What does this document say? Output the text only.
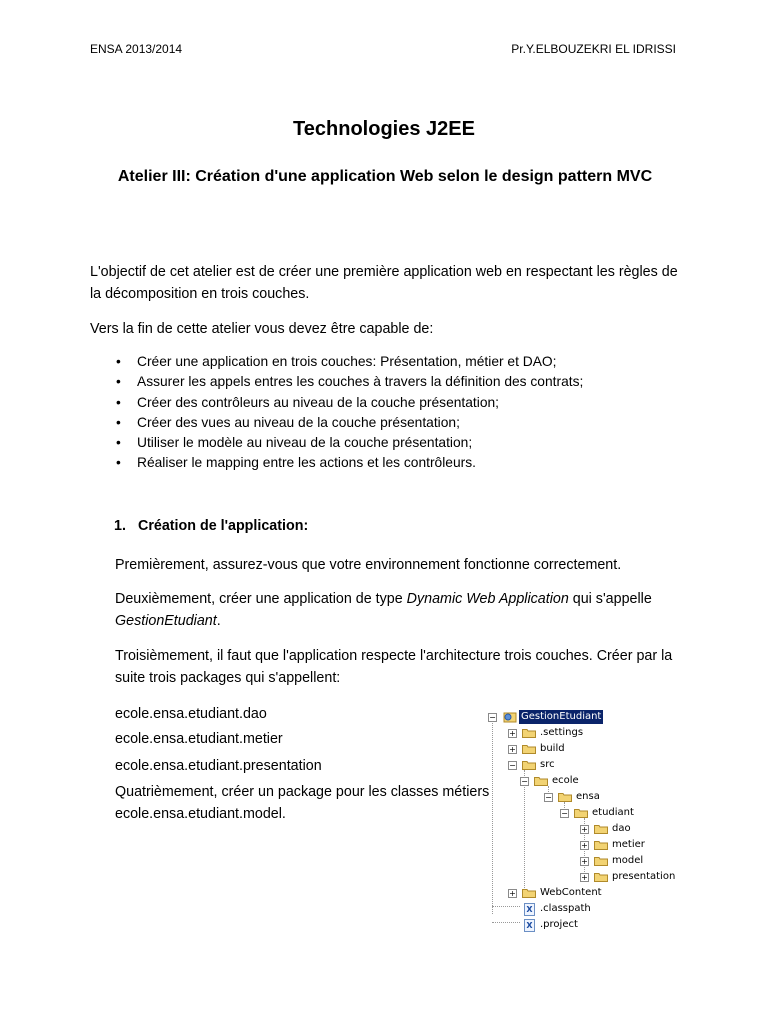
ENSA 2013/2014	Pr.Y.ELBOUZEKRI EL IDRISSI
Technologies J2EE
Atelier III: Création d'une application Web selon le design pattern MVC
L'objectif de cet atelier est de créer une première application web en respectant les règles de la décomposition en trois couches.
Vers la fin de cette atelier vous devez être capable de:
• Créer une application en trois couches: Présentation, métier et DAO;
• Assurer les appels entres les couches à travers la définition des contrats;
• Créer des contrôleurs au niveau de la couche présentation;
• Créer des vues au niveau de la couche présentation;
• Utiliser le modèle au niveau de la couche présentation;
• Réaliser le mapping entre les actions et les contrôleurs.
1. Création de l'application:
Premièrement, assurez-vous que votre environnement fonctionne correctement.
Deuxièmement, créer une application de type Dynamic Web Application qui s'appelle GestionEtudiant.
Troisièmement, il faut que l'application respecte l'architecture trois couches. Créer par la suite trois packages qui s'appellent:
ecole.ensa.etudiant.dao
ecole.ensa.etudiant.metier
ecole.ensa.etudiant.presentation
Quatrièmement, créer un package pour les classes métiers ecole.ensa.etudiant.model.
−	GestionEtudiant
+ .settings
+ build
− src
− ecole
− ensa
− etudiant
+ dao
+ metier
+ model
+ presentation
+ WebContent
X .classpath
X .project
